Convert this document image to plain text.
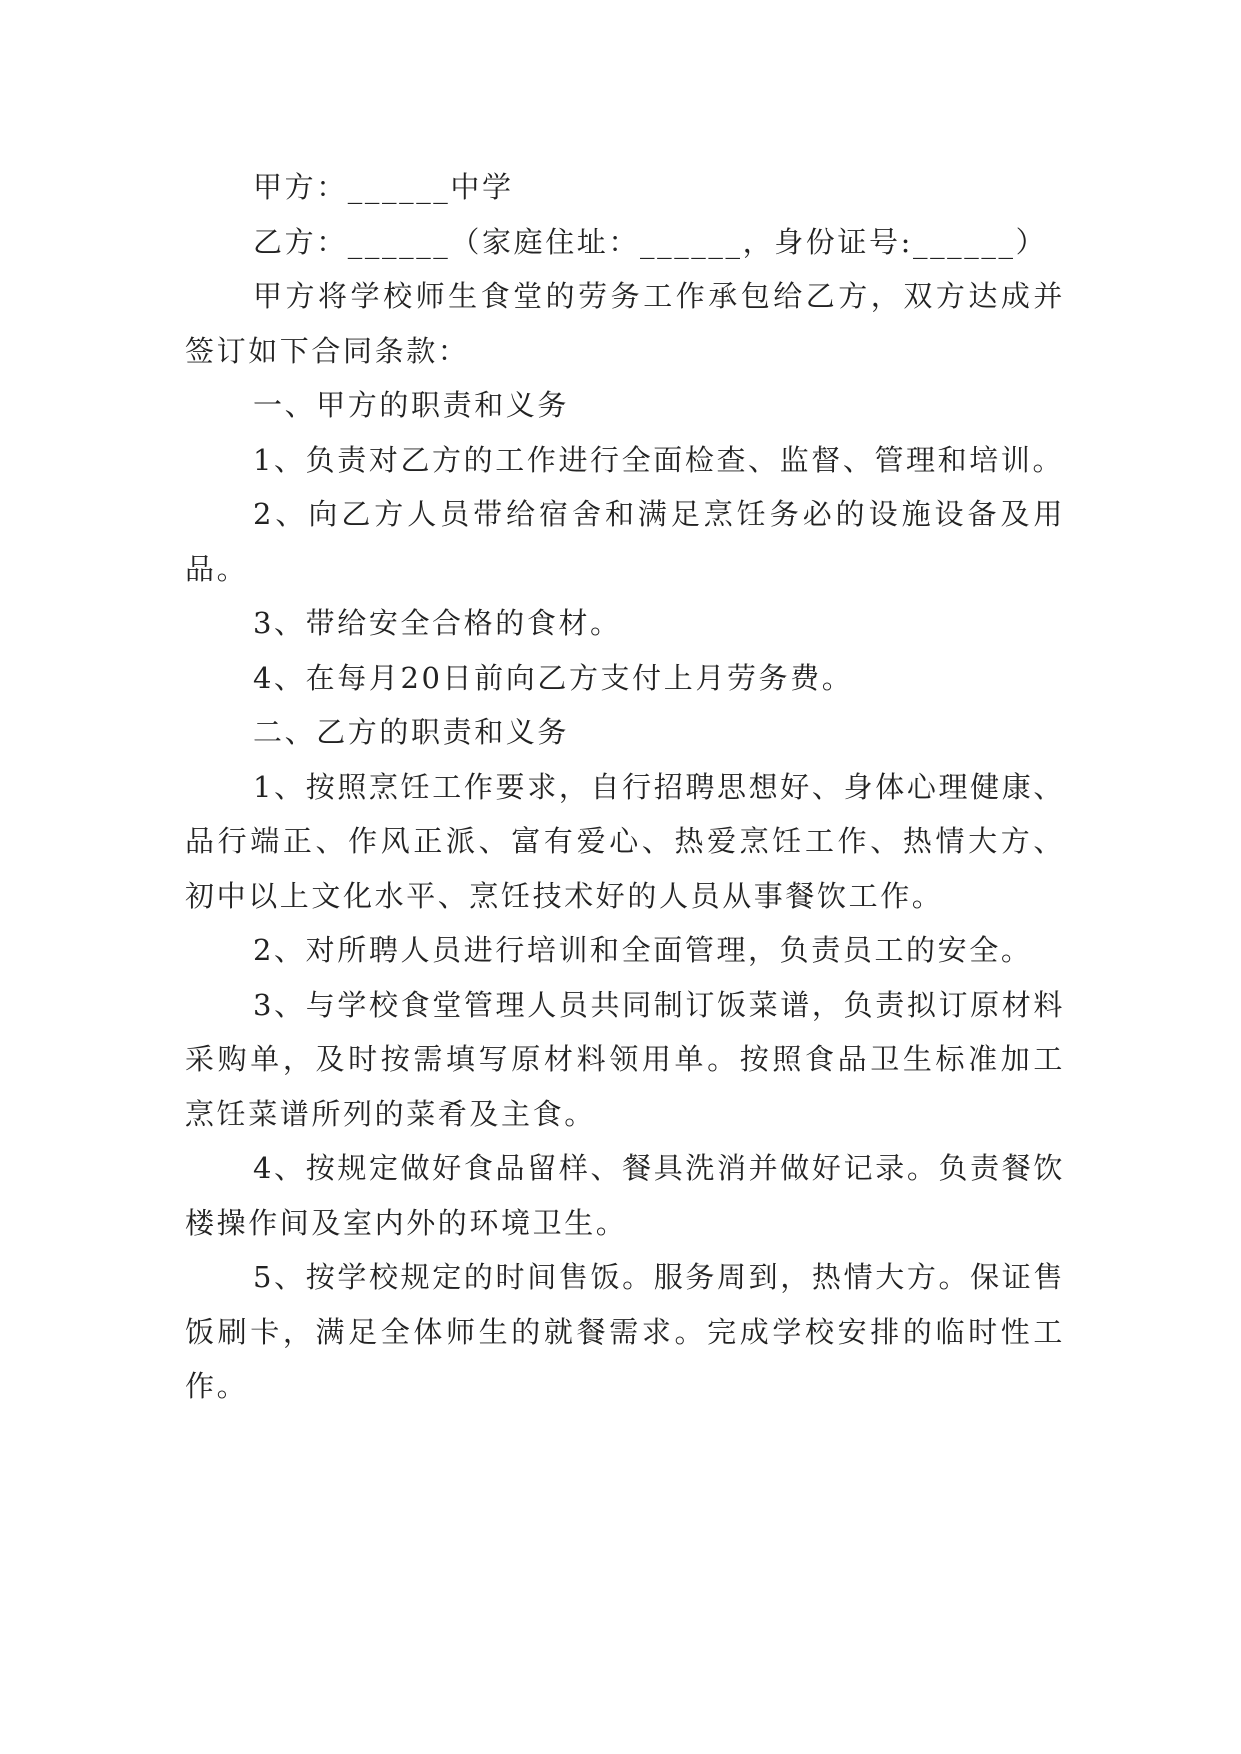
甲方：______中学

乙方：______（家庭住址：______，身份证号:______）

甲方将学校师生食堂的劳务工作承包给乙方，双方达成并签订如下合同条款：

一、甲方的职责和义务

1、负责对乙方的工作进行全面检查、监督、管理和培训。

2、向乙方人员带给宿舍和满足烹饪务必的设施设备及用品。

3、带给安全合格的食材。

4、在每月20日前向乙方支付上月劳务费。

二、乙方的职责和义务

1、按照烹饪工作要求，自行招聘思想好、身体心理健康、品行端正、作风正派、富有爱心、热爱烹饪工作、热情大方、初中以上文化水平、烹饪技术好的人员从事餐饮工作。

2、对所聘人员进行培训和全面管理，负责员工的安全。

3、与学校食堂管理人员共同制订饭菜谱，负责拟订原材料采购单，及时按需填写原材料领用单。按照食品卫生标准加工烹饪菜谱所列的菜肴及主食。

4、按规定做好食品留样、餐具洗消并做好记录。负责餐饮楼操作间及室内外的环境卫生。

5、按学校规定的时间售饭。服务周到，热情大方。保证售饭刷卡，满足全体师生的就餐需求。完成学校安排的临时性工作。
